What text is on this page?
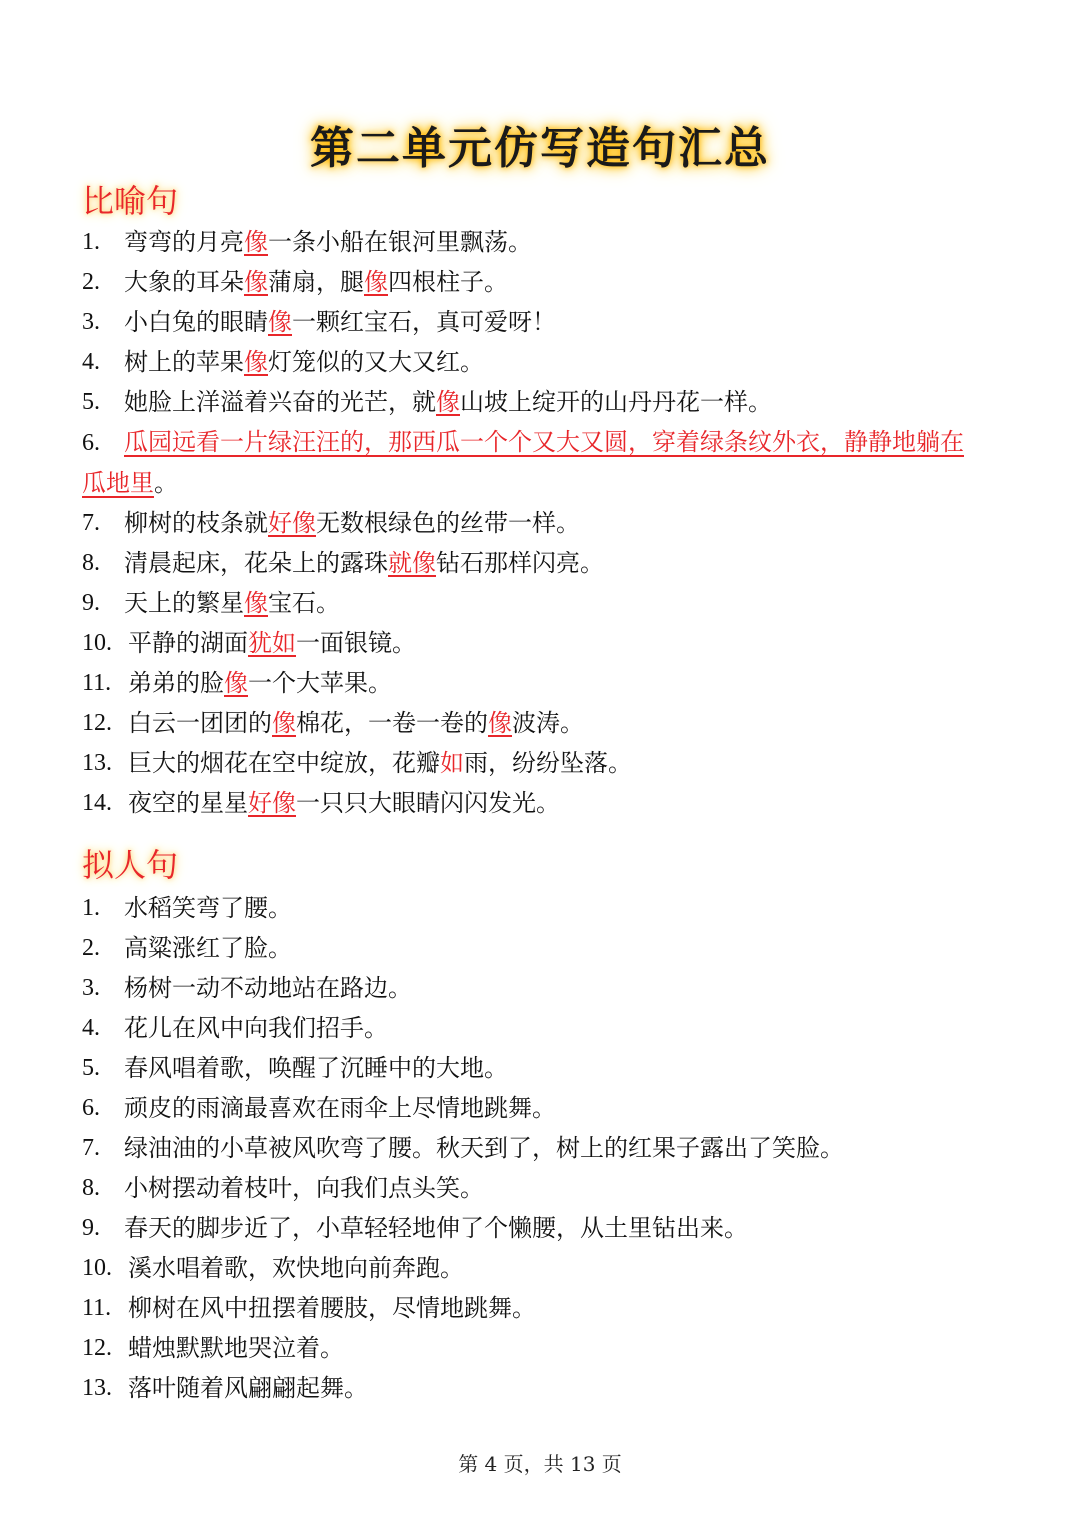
第二单元仿写造句汇总
比喻句
1.	弯弯的月亮 像 一条小船在银河里飘荡。
2.	大象的耳朵 像 蒲扇，腿 像 四根柱子。
3.	小白兔的眼睛 像 一颗红宝石，真可爱呀！
4.	树上的苹果 像 灯笼似的又大又红。
5.	她脸上洋溢着兴奋的光芒，就 像 山坡上绽开的山丹丹花一样。
6. 瓜园远看一片绿汪汪的，那西瓜一个个又大又圆，穿着绿条纹外衣，静静地躺在瓜地里。
7.	柳树的枝条就 好像 无数根绿色的丝带一样。
8.	清晨起床，花朵上的露珠 就像 钻石那样闪亮。
9.	天上的繁星 像 宝石。
10. 平静的湖面 犹如 一面银镜。
11. 弟弟的脸 像 一个大苹果。
12. 白云一团团的 像 棉花，一卷一卷的 像 波涛。
13. 巨大的烟花在空中绽放，花瓣 如 雨，纷纷坠落。
14. 夜空的星星 好像 一只只大眼睛闪闪发光。
拟人句
1.	水稻笑弯了腰。
2.	高粱涨红了脸。
3.	杨树一动不动地站在路边。
4.	花儿在风中向我们招手。
5.	春风唱着歌，唤醒了沉睡中的大地。
6.	顽皮的雨滴最喜欢在雨伞上尽情地跳舞。
7.	绿油油的小草被风吹弯了腰。秋天到了，树上的红果子露出了笑脸。
8.	小树摆动着枝叶，向我们点头笑。
9.	春天的脚步近了，小草轻轻地伸了个懒腰，从土里钻出来。
10. 溪水唱着歌，欢快地向前奔跑。
11. 柳树在风中扭摆着腰肢，尽情地跳舞。
12. 蜡烛默默地哭泣着。
13. 落叶随着风翩翩起舞。
第 4 页，共 13 页
